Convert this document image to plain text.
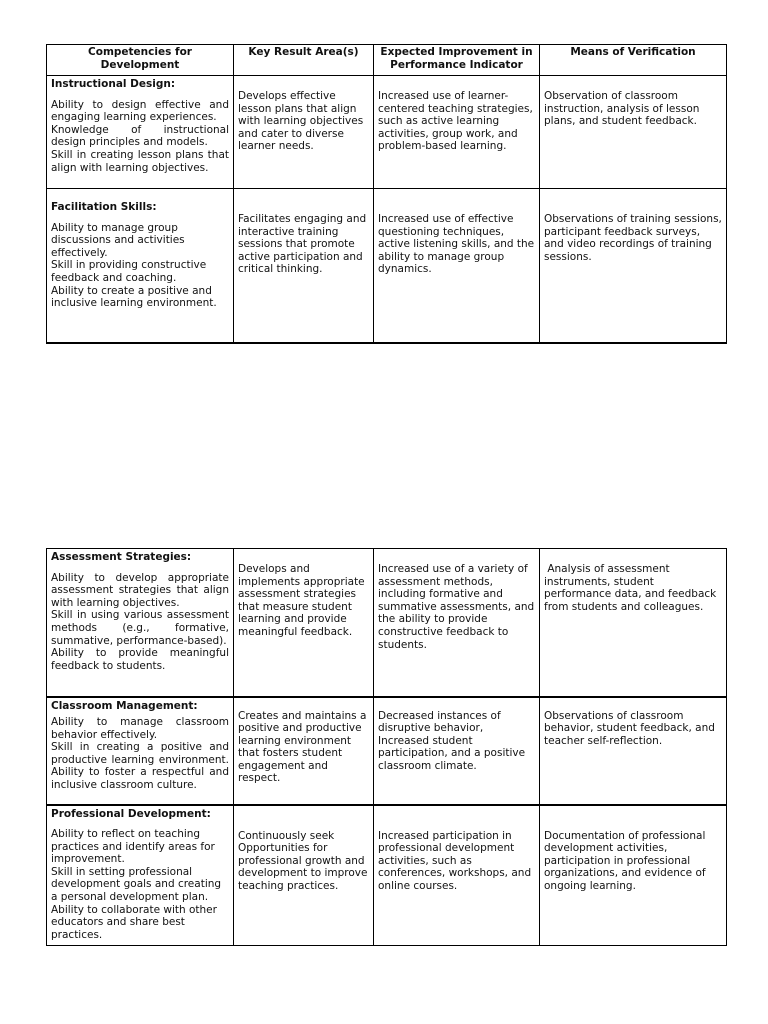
Competencies for Development	Key Result Area(s)	Expected Improvement in Performance Indicator	Means of Verification

Instructional Design:
Ability to design effective and engaging learning experiences.
Knowledge of instructional design principles and models.
Skill in creating lesson plans that align with learning objectives.	Develops effective lesson plans that align with learning objectives and cater to diverse learner needs.	Increased use of learner-centered teaching strategies, such as active learning activities, group work, and problem-based learning.	Observation of classroom instruction, analysis of lesson plans, and student feedback.

Facilitation Skills:
Ability to manage group discussions and activities effectively.
Skill in providing constructive feedback and coaching.
Ability to create a positive and inclusive learning environment.	Facilitates engaging and interactive training sessions that promote active participation and critical thinking.	Increased use of effective questioning techniques, active listening skills, and the ability to manage group dynamics.	Observations of training sessions, participant feedback surveys, and video recordings of training sessions.
Assessment Strategies:
Ability to develop appropriate assessment strategies that align with learning objectives.
Skill in using various assessment methods (e.g., formative, summative, performance-based).
Ability to provide meaningful feedback to students.	Develops and implements appropriate assessment strategies that measure student learning and provide meaningful feedback.	Increased use of a variety of assessment methods, including formative and summative assessments, and the ability to provide constructive feedback to students.	Analysis of assessment instruments, student performance data, and feedback from students and colleagues.

Classroom Management:
Ability to manage classroom behavior effectively.
Skill in creating a positive and productive learning environment. Ability to foster a respectful and inclusive classroom culture.	Creates and maintains a positive and productive learning environment that fosters student engagement and respect.	Decreased instances of disruptive behavior, Increased student participation, and a positive classroom climate.	Observations of classroom behavior, student feedback, and teacher self-reflection.

Professional Development:
Ability to reflect on teaching practices and identify areas for improvement.
Skill in setting professional development goals and creating a personal development plan.
Ability to collaborate with other educators and share best practices.	Continuously seek Opportunities for professional growth and development to improve teaching practices.	Increased participation in professional development activities, such as conferences, workshops, and online courses.	Documentation of professional development activities, participation in professional organizations, and evidence of ongoing learning.
